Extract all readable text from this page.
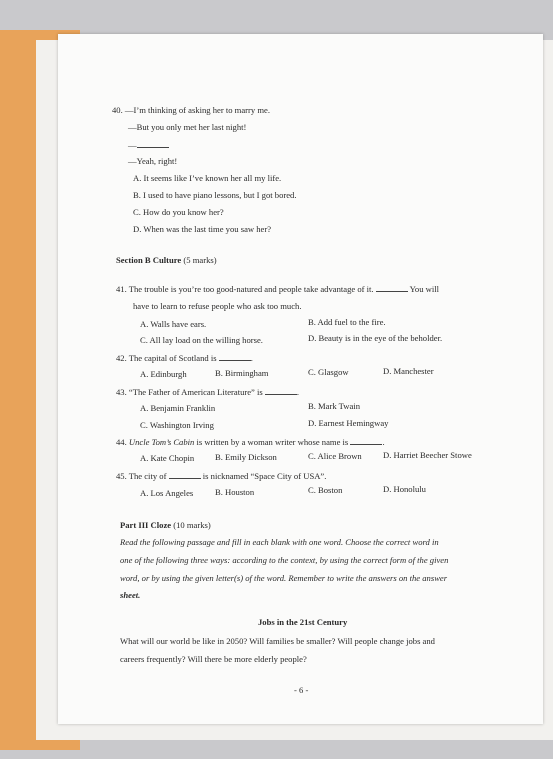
40. —I’m thinking of asking her to marry me.
—But you only met her last night!
—
—Yeah, right!
A. It seems like I’ve known her all my life.
B. I used to have piano lessons, but I got bored.
C. How do you know her?
D. When was the last time you saw her?
Section B Culture (5 marks)
41. The trouble is you’re too good-natured and people take advantage of it.	You will
have to learn to refuse people who ask too much.
A. Walls have ears.	B. Add fuel to the fire.
C. All lay load on the willing horse.	D. Beauty is in the eye of the beholder.
42. The capital of Scotland is	.
A. Edinburgh	B. Birmingham	C. Glasgow	D. Manchester
43. “The Father of American Literature” is	.
A. Benjamin Franklin	B. Mark Twain
C. Washington Irving	D. Earnest Hemingway
44. Uncle Tom’s Cabin is written by a woman writer whose name is	.
A. Kate Chopin B. Emily Dickson	C. Alice Brown D. Harriet Beecher Stowe
45. The city of	is nicknamed “Space City of USA”.
A. Los Angeles	B. Houston	C. Boston	D. Honolulu
Part III Cloze (10 marks)
Read the following passage and fill in each blank with one word. Choose the correct word in
one of the following three ways: according to the context, by using the correct form of the given
word, or by using the given letter(s) of the word. Remember to write the answers on the answer
sheet.
Jobs in the 21st Century
What will our world be like in 2050? Will families be smaller? Will people change jobs and
careers frequently? Will there be more elderly people?
- 6 -
